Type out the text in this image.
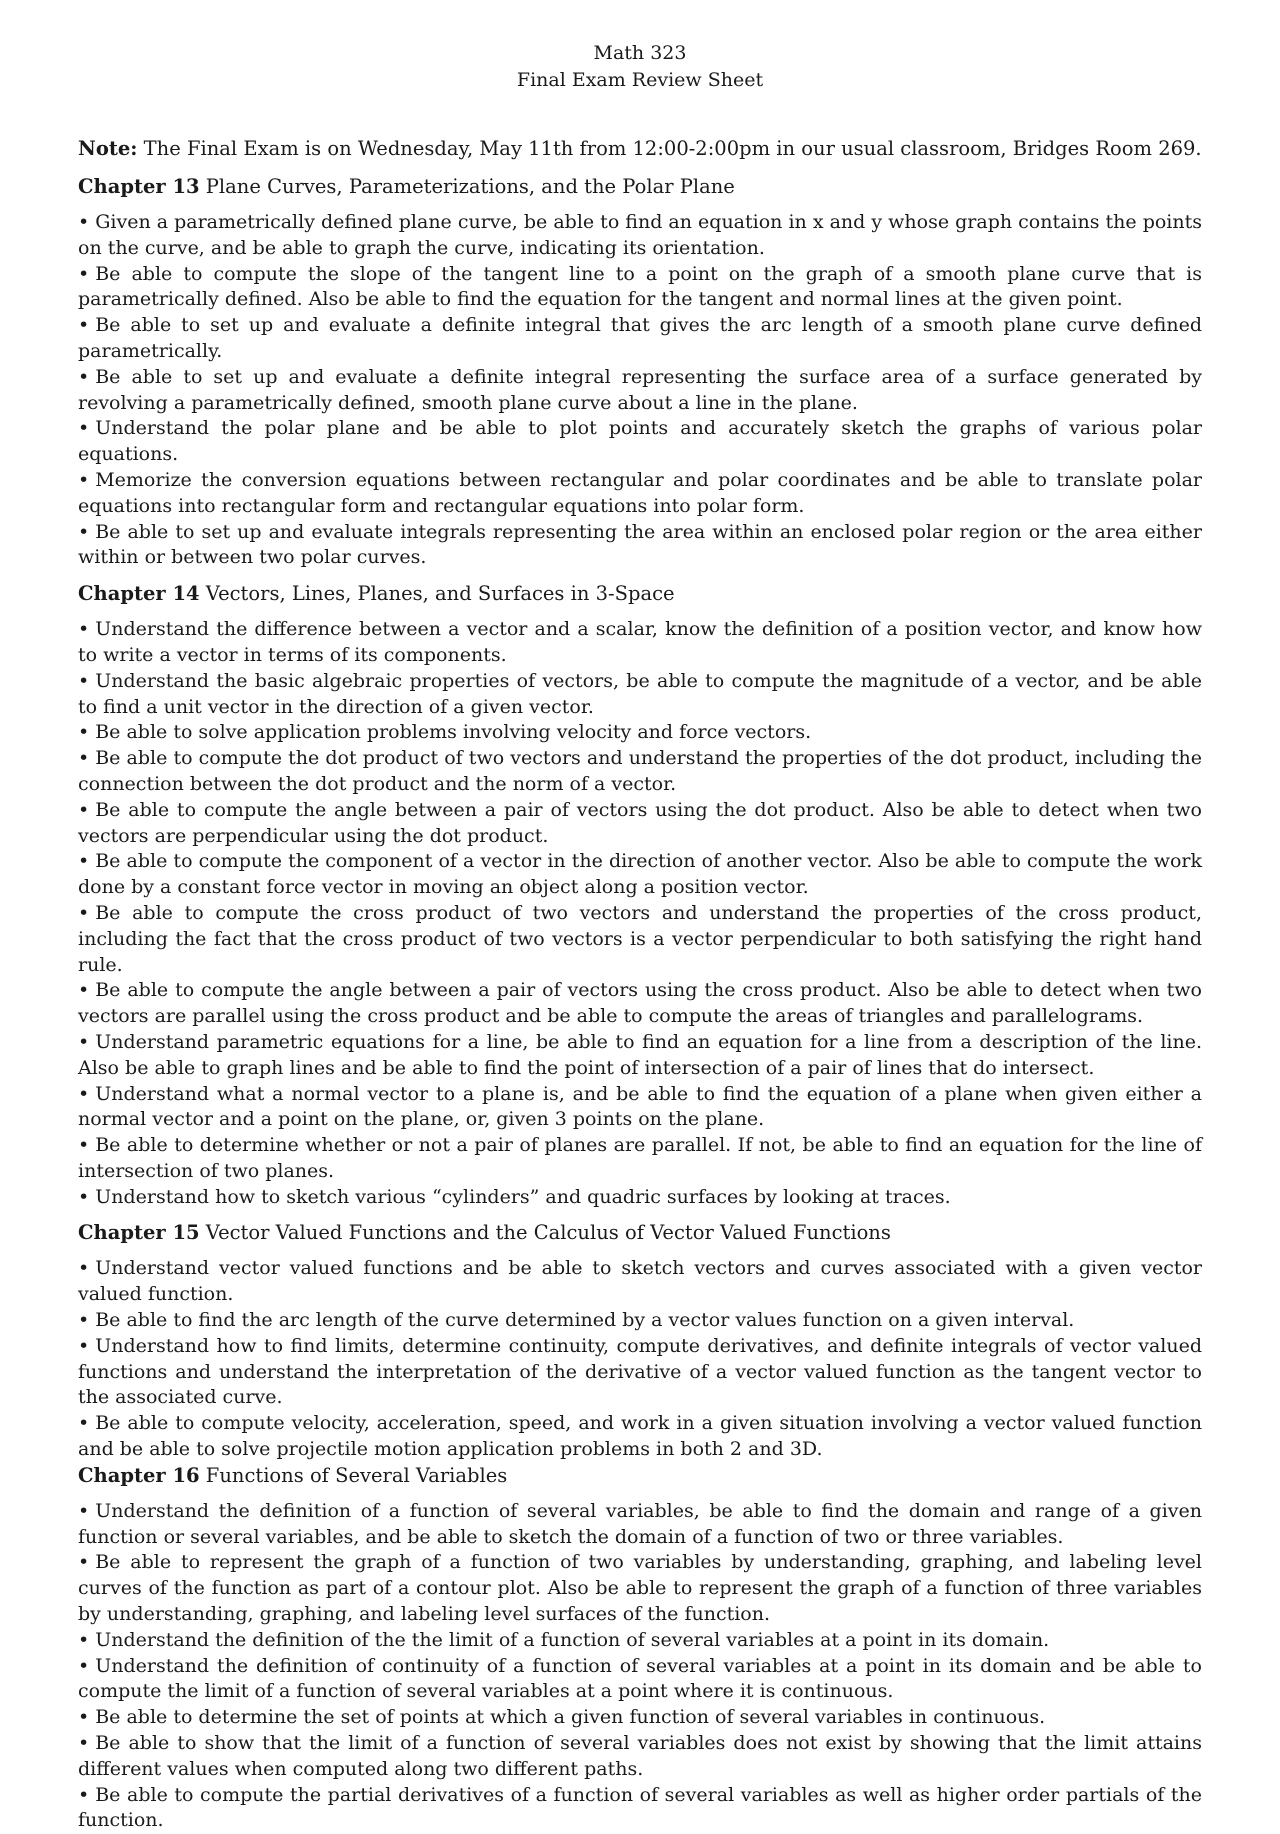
Math 323
Final Exam Review Sheet

Note: The Final Exam is on Wednesday, May 11th from 12:00-2:00pm in our usual classroom, Bridges Room 269.

Chapter 13 Plane Curves, Parameterizations, and the Polar Plane

• Given a parametrically defined plane curve, be able to find an equation in x and y whose graph contains the points on the curve, and be able to graph the curve, indicating its orientation.

• Be able to compute the slope of the tangent line to a point on the graph of a smooth plane curve that is parametrically defined. Also be able to find the equation for the tangent and normal lines at the given point.

• Be able to set up and evaluate a definite integral that gives the arc length of a smooth plane curve defined parametrically.

• Be able to set up and evaluate a definite integral representing the surface area of a surface generated by revolving a parametrically defined, smooth plane curve about a line in the plane.

• Understand the polar plane and be able to plot points and accurately sketch the graphs of various polar equations.

• Memorize the conversion equations between rectangular and polar coordinates and be able to translate polar equations into rectangular form and rectangular equations into polar form.

• Be able to set up and evaluate integrals representing the area within an enclosed polar region or the area either within or between two polar curves.

Chapter 14 Vectors, Lines, Planes, and Surfaces in 3-Space

• Understand the difference between a vector and a scalar, know the definition of a position vector, and know how to write a vector in terms of its components.

• Understand the basic algebraic properties of vectors, be able to compute the magnitude of a vector, and be able to find a unit vector in the direction of a given vector.

• Be able to solve application problems involving velocity and force vectors.

• Be able to compute the dot product of two vectors and understand the properties of the dot product, including the connection between the dot product and the norm of a vector.

• Be able to compute the angle between a pair of vectors using the dot product. Also be able to detect when two vectors are perpendicular using the dot product.

• Be able to compute the component of a vector in the direction of another vector. Also be able to compute the work done by a constant force vector in moving an object along a position vector.

• Be able to compute the cross product of two vectors and understand the properties of the cross product, including the fact that the cross product of two vectors is a vector perpendicular to both satisfying the right hand rule.

• Be able to compute the angle between a pair of vectors using the cross product. Also be able to detect when two vectors are parallel using the cross product and be able to compute the areas of triangles and parallelograms.

• Understand parametric equations for a line, be able to find an equation for a line from a description of the line. Also be able to graph lines and be able to find the point of intersection of a pair of lines that do intersect.

• Understand what a normal vector to a plane is, and be able to find the equation of a plane when given either a normal vector and a point on the plane, or, given 3 points on the plane.

• Be able to determine whether or not a pair of planes are parallel. If not, be able to find an equation for the line of intersection of two planes.

• Understand how to sketch various “cylinders” and quadric surfaces by looking at traces.

Chapter 15 Vector Valued Functions and the Calculus of Vector Valued Functions

• Understand vector valued functions and be able to sketch vectors and curves associated with a given vector valued function.

• Be able to find the arc length of the curve determined by a vector values function on a given interval.

• Understand how to find limits, determine continuity, compute derivatives, and definite integrals of vector valued functions and understand the interpretation of the derivative of a vector valued function as the tangent vector to the associated curve.

• Be able to compute velocity, acceleration, speed, and work in a given situation involving a vector valued function and be able to solve projectile motion application problems in both 2 and 3D.

Chapter 16 Functions of Several Variables

• Understand the definition of a function of several variables, be able to find the domain and range of a given function or several variables, and be able to sketch the domain of a function of two or three variables.

• Be able to represent the graph of a function of two variables by understanding, graphing, and labeling level curves of the function as part of a contour plot. Also be able to represent the graph of a function of three variables by understanding, graphing, and labeling level surfaces of the function.

• Understand the definition of the the limit of a function of several variables at a point in its domain.

• Understand the definition of continuity of a function of several variables at a point in its domain and be able to compute the limit of a function of several variables at a point where it is continuous.

• Be able to determine the set of points at which a given function of several variables in continuous.

• Be able to show that the limit of a function of several variables does not exist by showing that the limit attains different values when computed along two different paths.

• Be able to compute the partial derivatives of a function of several variables as well as higher order partials of the function.
